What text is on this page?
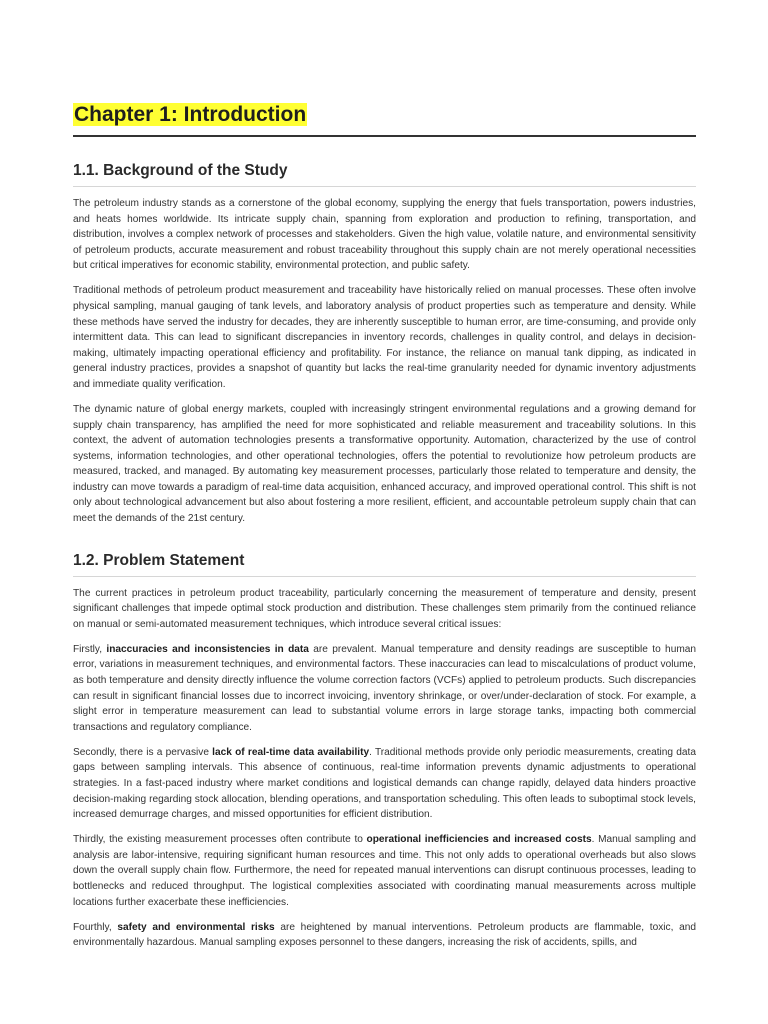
Chapter 1: Introduction
1.1. Background of the Study

The petroleum industry stands as a cornerstone of the global economy, supplying the energy that fuels transportation, powers industries, and heats homes worldwide. Its intricate supply chain, spanning from exploration and production to refining, transportation, and distribution, involves a complex network of processes and stakeholders. Given the high value, volatile nature, and environmental sensitivity of petroleum products, accurate measurement and robust traceability throughout this supply chain are not merely operational necessities but critical imperatives for economic stability, environmental protection, and public safety.

Traditional methods of petroleum product measurement and traceability have historically relied on manual processes. These often involve physical sampling, manual gauging of tank levels, and laboratory analysis of product properties such as temperature and density. While these methods have served the industry for decades, they are inherently susceptible to human error, are time-consuming, and provide only intermittent data. This can lead to significant discrepancies in inventory records, challenges in quality control, and delays in decision-making, ultimately impacting operational efficiency and profitability. For instance, the reliance on manual tank dipping, as indicated in general industry practices, provides a snapshot of quantity but lacks the real-time granularity needed for dynamic inventory adjustments and immediate quality verification.

The dynamic nature of global energy markets, coupled with increasingly stringent environmental regulations and a growing demand for supply chain transparency, has amplified the need for more sophisticated and reliable measurement and traceability solutions. In this context, the advent of automation technologies presents a transformative opportunity. Automation, characterized by the use of control systems, information technologies, and other operational technologies, offers the potential to revolutionize how petroleum products are measured, tracked, and managed. By automating key measurement processes, particularly those related to temperature and density, the industry can move towards a paradigm of real-time data acquisition, enhanced accuracy, and improved operational control. This shift is not only about technological advancement but also about fostering a more resilient, efficient, and accountable petroleum supply chain that can meet the demands of the 21st century.

1.2. Problem Statement

The current practices in petroleum product traceability, particularly concerning the measurement of temperature and density, present significant challenges that impede optimal stock production and distribution. These challenges stem primarily from the continued reliance on manual or semi-automated measurement techniques, which introduce several critical issues:

Firstly, inaccuracies and inconsistencies in data are prevalent. Manual temperature and density readings are susceptible to human error, variations in measurement techniques, and environmental factors. These inaccuracies can lead to miscalculations of product volume, as both temperature and density directly influence the volume correction factors (VCFs) applied to petroleum products. Such discrepancies can result in significant financial losses due to incorrect invoicing, inventory shrinkage, or over/under-declaration of stock. For example, a slight error in temperature measurement can lead to substantial volume errors in large storage tanks, impacting both commercial transactions and regulatory compliance.

Secondly, there is a pervasive lack of real-time data availability. Traditional methods provide only periodic measurements, creating data gaps between sampling intervals. This absence of continuous, real-time information prevents dynamic adjustments to operational strategies. In a fast-paced industry where market conditions and logistical demands can change rapidly, delayed data hinders proactive decision-making regarding stock allocation, blending operations, and transportation scheduling. This often leads to suboptimal stock levels, increased demurrage charges, and missed opportunities for efficient distribution.

Thirdly, the existing measurement processes often contribute to operational inefficiencies and increased costs. Manual sampling and analysis are labor-intensive, requiring significant human resources and time. This not only adds to operational overheads but also slows down the overall supply chain flow. Furthermore, the need for repeated manual interventions can disrupt continuous processes, leading to bottlenecks and reduced throughput. The logistical complexities associated with coordinating manual measurements across multiple locations further exacerbate these inefficiencies.

Fourthly, safety and environmental risks are heightened by manual interventions. Petroleum products are flammable, toxic, and environmentally hazardous. Manual sampling exposes personnel to these dangers, increasing the risk of accidents, spills, and
